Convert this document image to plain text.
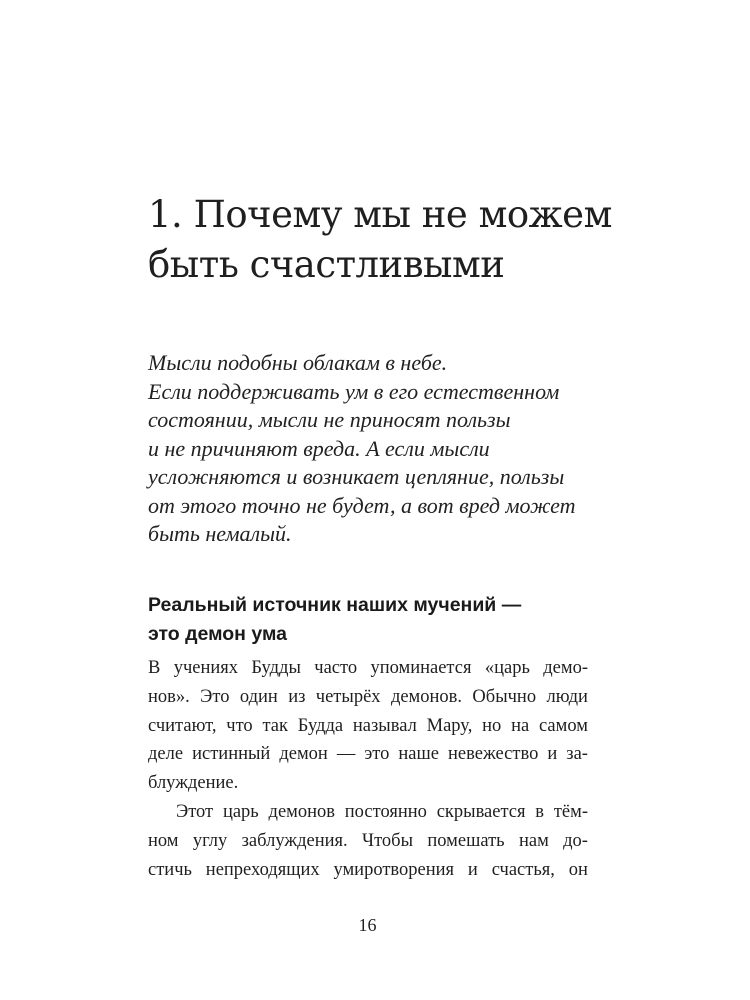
1. Почему мы не можем
быть счастливыми
Мысли подобны облакам в небе.
Если поддерживать ум в его естественном
состоянии, мысли не приносят пользы
и не причиняют вреда. А если мысли
усложняются и возникает цепляние, пользы
от этого точно не будет, а вот вред может
быть немалый.
Реальный источник наших мучений —
это демон ума
В учениях Будды часто упоминается «царь демо-
нов». Это один из четырёх демонов. Обычно люди
считают, что так Будда называл Мару, но на самом
деле истинный демон — это наше невежество и за-
блуждение.
Этот царь демонов постоянно скрывается в тём-
ном углу заблуждения. Чтобы помешать нам до-
стичь непреходящих умиротворения и счастья, он
16
